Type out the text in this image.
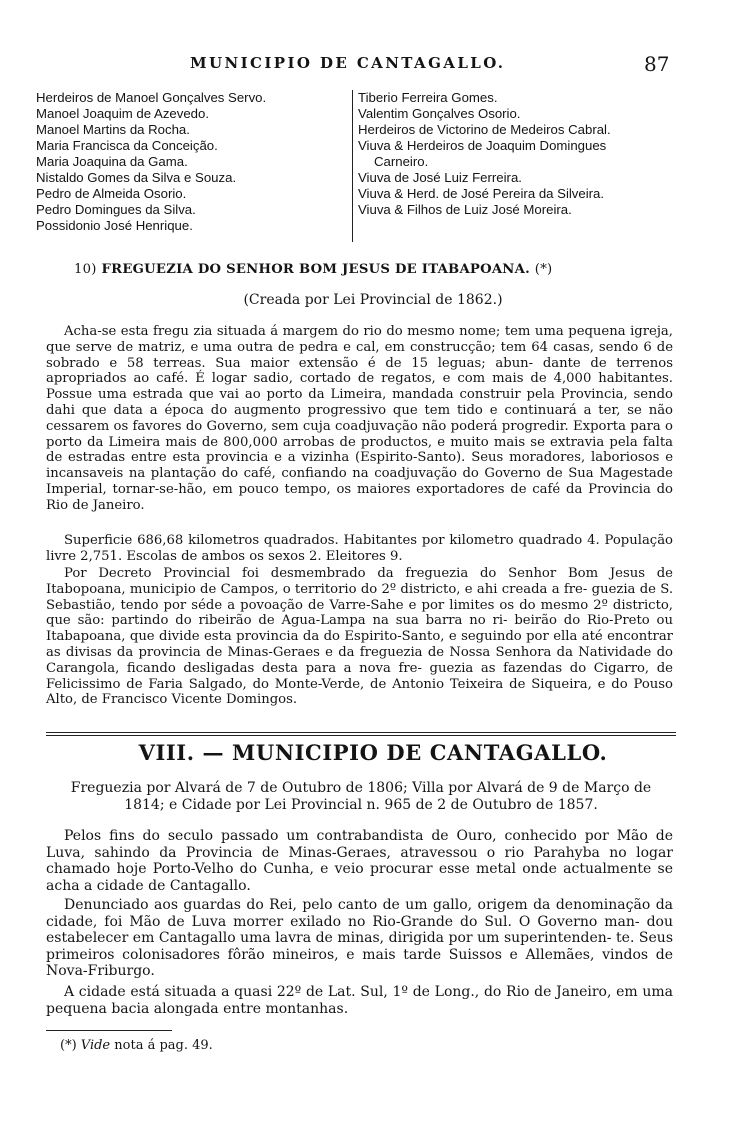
MUNICIPIO DE CANTAGALLO.	87
Herdeiros de Manoel Gonçalves Servo.
Manoel Joaquim de Azevedo.
Manoel Martins da Rocha.
Maria Francisca da Conceição.
Maria Joaquina da Gama.
Nistaldo Gomes da Silva e Souza.
Pedro de Almeida Osorio.
Pedro Domingues da Silva.
Possidonio José Henrique.
Tiberio Ferreira Gomes.
Valentim Gonçalves Osorio.
Herdeiros de Victorino de Medeiros Cabral.
Viuva & Herdeiros de Joaquim Domingues
Carneiro.
Viuva de José Luiz Ferreira.
Viuva & Herd. de José Pereira da Silveira.
Viuva & Filhos de Luiz José Moreira.
10) FREGUEZIA DO SENHOR BOM JESUS DE ITABAPOANA. (*)
(Creada por Lei Provincial de 1862.)
Acha-se esta fregu zia situada á margem do rio do mesmo nome; tem uma pequena igreja, que serve de matriz, e uma outra de pedra e cal, em construcção; tem 64 casas, sendo 6 de sobrado e 58 terreas. Sua maior extensão é de 15 leguas; abun- dante de terrenos apropriados ao café. É logar sadio, cortado de regatos, e com mais de 4,000 habitantes. Possue uma estrada que vai ao porto da Limeira, mandada construir pela Provincia, sendo dahi que data a época do augmento progressivo que tem tido e continuará a ter, se não cessarem os favores do Governo, sem cuja coadjuvação não poderá progredir. Exporta para o porto da Limeira mais de 800,000 arrobas de productos, e muito mais se extravia pela falta de estradas entre esta provincia e a vizinha (Espirito-Santo). Seus moradores, laboriosos e incansaveis na plantação do café, confiando na coadjuvação do Governo de Sua Magestade Imperial, tornar-se-hão, em pouco tempo, os maiores exportadores de café da Provincia do Rio de Janeiro.
Superficie 686,68 kilometros quadrados. Habitantes por kilometro quadrado 4. População livre 2,751. Escolas de ambos os sexos 2. Eleitores 9.
Por Decreto Provincial foi desmembrado da freguezia do Senhor Bom Jesus de Itabopoana, municipio de Campos, o territorio do 2º districto, e ahi creada a fre- guezia de S. Sebastião, tendo por séde a povoação de Varre-Sahe e por limites os do mesmo 2º districto, que são: partindo do ribeirão de Agua-Lampa na sua barra no ri- beirão do Rio-Preto ou Itabapoana, que divide esta provincia da do Espirito-Santo, e seguindo por ella até encontrar as divisas da provincia de Minas-Geraes e da freguezia de Nossa Senhora da Natividade do Carangola, ficando desligadas desta para a nova fre- guezia as fazendas do Cigarro, de Felicissimo de Faria Salgado, do Monte-Verde, de Antonio Teixeira de Siqueira, e do Pouso Alto, de Francisco Vicente Domingos.
VIII. — MUNICIPIO DE CANTAGALLO.
Freguezia por Alvará de 7 de Outubro de 1806; Villa por Alvará de 9 de Março de
1814; e Cidade por Lei Provincial n. 965 de 2 de Outubro de 1857.
Pelos fins do seculo passado um contrabandista de Ouro, conhecido por Mão de Luva, sahindo da Provincia de Minas-Geraes, atravessou o rio Parahyba no logar chamado hoje Porto-Velho do Cunha, e veio procurar esse metal onde actualmente se acha a cidade de Cantagallo.
Denunciado aos guardas do Rei, pelo canto de um gallo, origem da denominação da cidade, foi Mão de Luva morrer exilado no Rio-Grande do Sul. O Governo man- dou estabelecer em Cantagallo uma lavra de minas, dirigida por um superintenden- te. Seus primeiros colonisadores fôrão mineiros, e mais tarde Suissos e Allemães, vindos de Nova-Friburgo.
A cidade está situada a quasi 22º de Lat. Sul, 1º de Long., do Rio de Janeiro, em uma pequena bacia alongada entre montanhas.
(*) Vide nota á pag. 49.
